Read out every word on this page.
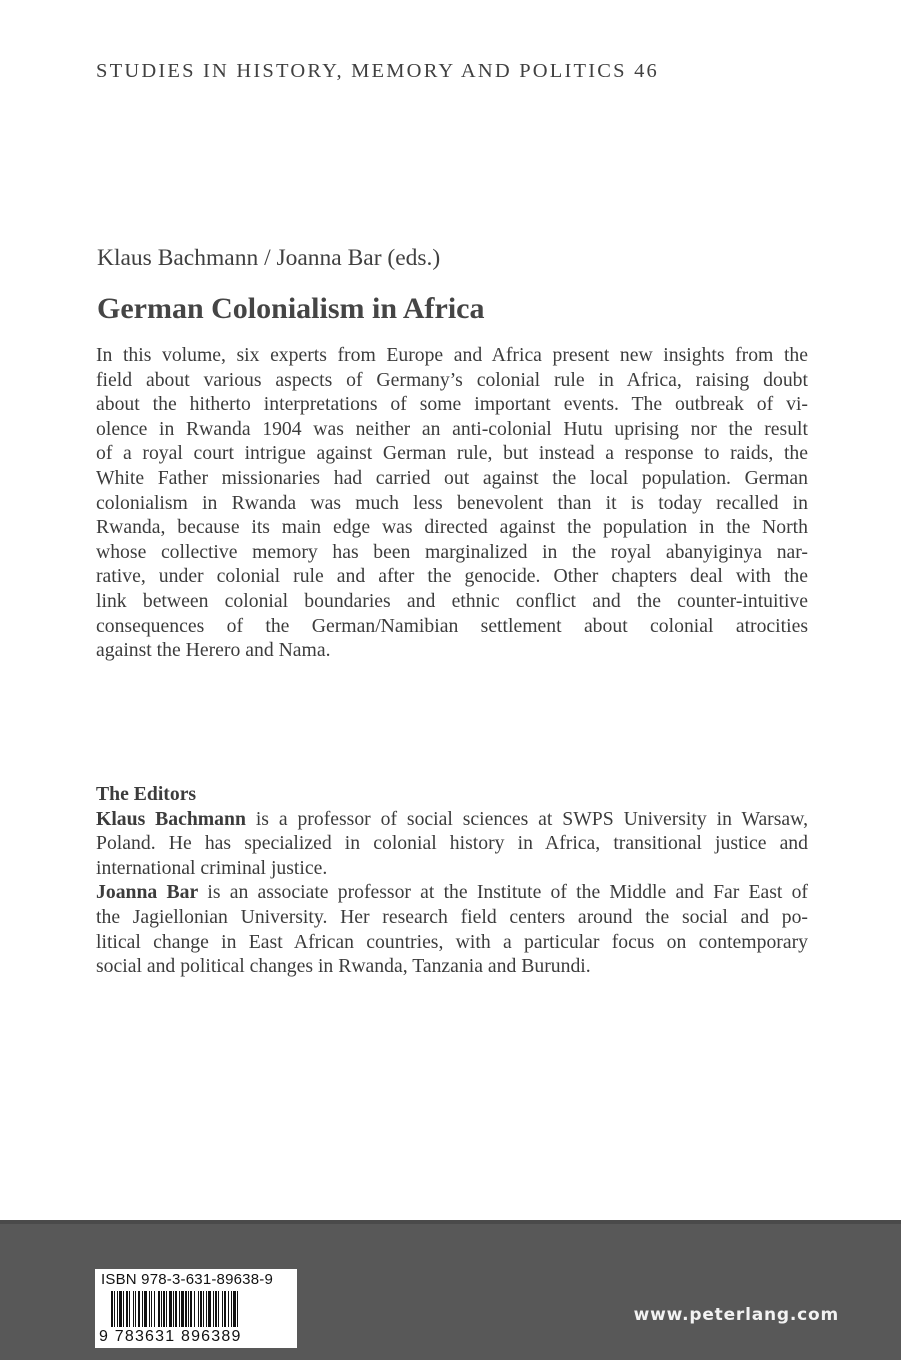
STUDIES IN HISTORY, MEMORY AND POLITICS 46
Klaus Bachmann / Joanna Bar (eds.)
German Colonialism in Africa
In this volume, six experts from Europe and Africa present new insights from the
field about various aspects of Germany’s colonial rule in Africa, raising doubt
about the hitherto interpretations of some important events. The outbreak of vi-
olence in Rwanda 1904 was neither an anti-colonial Hutu uprising nor the result
of a royal court intrigue against German rule, but instead a response to raids, the
White Father missionaries had carried out against the local population. German
colonialism in Rwanda was much less benevolent than it is today recalled in
Rwanda, because its main edge was directed against the population in the North
whose collective memory has been marginalized in the royal abanyiginya nar-
rative, under colonial rule and after the genocide. Other chapters deal with the
link between colonial boundaries and ethnic conflict and the counter-intuitive
consequences of the German/Namibian settlement about colonial atrocities
against the Herero and Nama.
The Editors
Klaus Bachmann is a professor of social sciences at SWPS University in Warsaw,
Poland. He has specialized in colonial history in Africa, transitional justice and
international criminal justice.
Joanna Bar is an associate professor at the Institute of the Middle and Far East of
the Jagiellonian University. Her research field centers around the social and po-
litical change in East African countries, with a particular focus on contemporary
social and political changes in Rwanda, Tanzania and Burundi.
ISBN 978-3-631-89638-9
9 783631 896389
www.peterlang.com
